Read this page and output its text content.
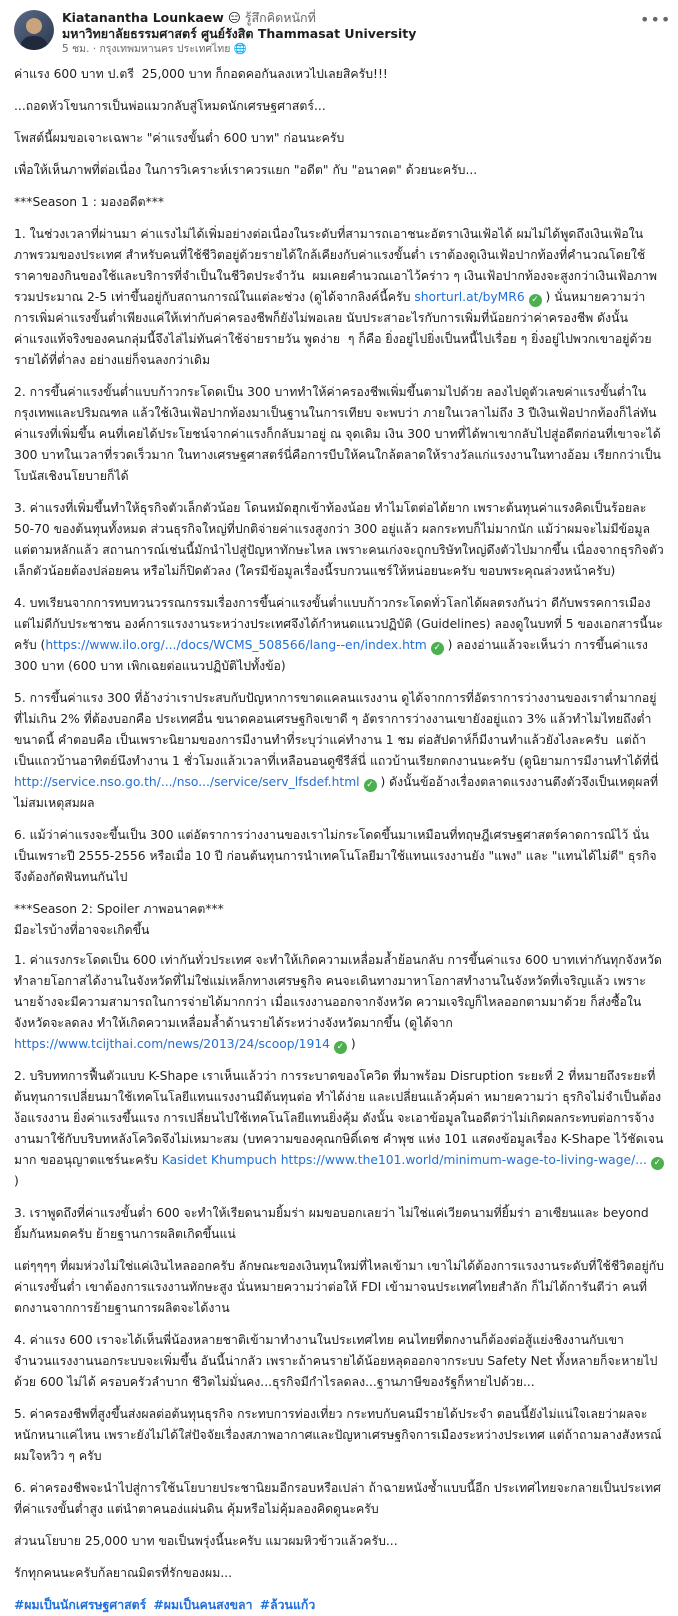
Kiatanantha Lounkaew 😑 รู้สึกคิดหนักที่
มหาวิทยาลัยธรรมศาสตร์ ศูนย์รังสิต Thammasat University
5 ชม. · กรุงเทพมหานคร ประเทศไทย 🌐
•••

ค่าแรง 600 บาท ป.ตรี  25,000 บาท ก็กอดคอกันลงเหวไปเลยสิครับ!!!

...ถอดหัวโขนการเป็นพ่อแมวกลับสู่โหมดนักเศรษฐศาสตร์...

โพสต์นี้ผมขอเจาะเฉพาะ "ค่าแรงขั้นต่ำ 600 บาท" ก่อนนะครับ

เพื่อให้เห็นภาพที่ต่อเนื่อง ในการวิเคราะห์เราควรแยก "อดีต" กับ "อนาคต" ด้วยนะครับ...

***Season 1 : มองอดีต***

1. ในช่วงเวลาที่ผ่านมา ค่าแรงไม่ได้เพิ่มอย่างต่อเนื่องในระดับที่สามารถเอาชนะอัตราเงินเฟ้อได้ ผมไม่ได้พูดถึงเงินเฟ้อในภาพรวมของประเทศ สำหรับคนที่ใช้ชีวิตอยู่ด้วยรายได้ใกล้เคียงกับค่าแรงขั้นต่ำ เราต้องดูเงินเฟ้อปากท้องที่คำนวณโดยใช้ราคาของกินของใช้และบริการที่จำเป็นในชีวิตประจำวัน  ผมเคยคำนวณเอาไว้คร่าว ๆ เงินเฟ้อปากท้องจะสูงกว่าเงินเฟ้อภาพรวมประมาณ 2-5 เท่าขึ้นอยู่กับสถานการณ์ในแต่ละช่วง (ดูได้จากลิงค์นี้ครับ shorturl.at/byMR6 ✓ ) นั่นหมายความว่า การเพิ่มค่าแรงขั้นต่ำเพียงแค่ให้เท่ากับค่าครองชีพก็ยังไม่พอเลย นับประสาอะไรกับการเพิ่มที่น้อยกว่าค่าครองชีพ ดังนั้น ค่าแรงแท้จริงของคนกลุ่มนี้จึงไล่ไม่ทันค่าใช้จ่ายรายวัน พูดง่าย  ๆ ก็คือ ยิ่งอยู่ไปยิ่งเป็นหนี้ไปเรื่อย ๆ ยิ่งอยู่ไปพวกเขาอยู่ด้วยรายได้ที่ต่ำลง อย่างแย่ก็จนลงกว่าเดิม

2. การขึ้นค่าแรงขั้นต่ำแบบก้าวกระโดดเป็น 300 บาททำให้ค่าครองชีพเพิ่มขึ้นตามไปด้วย ลองไปดูตัวเลขค่าแรงขั้นต่ำในกรุงเทพและปริมณฑล แล้วใช้เงินเฟ้อปากท้องมาเป็นฐานในการเทียบ จะพบว่า ภายในเวลาไม่ถึง 3 ปีเงินเฟ้อปากท้องก็ไล่ทันค่าแรงที่เพิ่มขึ้น คนที่เคยได้ประโยชน์จากค่าแรงก็กลับมาอยู่ ณ จุดเดิม เงิน 300 บาทที่ได้พาเขากลับไปสู่อดีตก่อนที่เขาจะได้ 300 บาทในเวลาที่รวดเร็วมาก ในทางเศรษฐศาสตร์นี่คือการบีบให้คนใกล้ตลาดให้รางวัลแก่แรงงานในทางอ้อม เรียกกว่าเป็นโบนัสเชิงนโยบายก็ได้

3. ค่าแรงที่เพิ่มขึ้นทำให้ธุรกิจตัวเล็กตัวน้อย โดนหมัดฮุกเข้าท้องน้อย ทำไมโตต่อได้ยาก เพราะต้นทุนค่าแรงคิดเป็นร้อยละ 50-70 ของต้นทุนทั้งหมด ส่วนธุรกิจใหญ่ที่ปกติจ่ายค่าแรงสูงกว่า 300 อยู่แล้ว ผลกระทบก็ไม่มากนัก แม้ว่าผมจะไม่มีข้อมูล แต่ตามหลักแล้ว สถานการณ์เช่นนี้มักนำไปสู่ปัญหาทักษะไหล เพราะคนเก่งจะถูกบริษัทใหญ่ดึงตัวไปมากขึ้น เนื่องจากธุรกิจตัวเล็กตัวน้อยต้องปล่อยคน หรือไม่ก็ปิดตัวลง (ใครมีข้อมูลเรื่องนี้รบกวนแชร์ให้หน่อยนะครับ ขอบพระคุณล่วงหน้าครับ)

4. บทเรียนจากการทบทวนวรรณกรรมเรื่องการขึ้นค่าแรงขั้นต่ำแบบก้าวกระโดดทั่วโลกได้ผลตรงกันว่า ดีกับพรรคการเมือง แต่ไม่ดีกับประชาชน องค์การแรงงานระหว่างประเทศจึงได้กำหนดแนวปฏิบัติ (Guidelines) ลองดูในบทที่ 5 ของเอกสารนี้นะครับ (https://www.ilo.org/.../docs/WCMS_508566/lang--en/index.htm ✓ ) ลองอ่านแล้วจะเห็นว่า การขึ้นค่าแรง 300 บาท (600 บาท เพิกเฉยต่อแนวปฏิบัติไปทั้งข้อ)

5. การขึ้นค่าแรง 300 ที่อ้างว่าเราประสบกับปัญหาการขาดแคลนแรงงาน ดูได้จากการที่อัตราการว่างงานของเราต่ำมากอยู่ที่ไม่เกิน 2% ที่ต้องบอกคือ ประเทศอื่น ขนาดคอนเศรษฐกิจเขาดี ๆ อัตราการว่างงานเขายังอยู่แถว 3% แล้วทำไมไทยถึงต่ำขนาดนี้ คำตอบคือ เป็นเพราะนิยามของการมีงานทำที่ระบุว่าแค่ทำงาน 1 ชม ต่อสัปดาห์ก็มีงานทำแล้วยังไงละครับ  แต่ถ้าเป็นแถวบ้านอาทิตย์นึงทำงาน 1 ชั่วโมงแล้วเวลาที่เหลือนอนดูซีรีส์นี่ แถวบ้านเรียกตกงานนะครับ (ดูนิยามการมีงานทำได้ที่นี่ http://service.nso.go.th/.../nso.../service/serv_lfsdef.html ✓ ) ดังนั้นข้ออ้างเรื่องตลาดแรงงานตึงตัวจึงเป็นเหตุผลที่ไม่สมเหตุสมผล

6. แม้ว่าค่าแรงจะขึ้นเป็น 300 แต่อัตราการว่างงานของเราไม่กระโดดขึ้นมาเหมือนที่ทฤษฎีเศรษฐศาสตร์คาดการณ์ไว้ นั่นเป็นเพราะปี 2555-2556 หรือเมื่อ 10 ปี ก่อนต้นทุนการนำเทคโนโลยีมาใช้แทนแรงงานยัง "แพง" และ "แทนได้ไม่ดี" ธุรกิจจึงต้องกัดฟันทนกันไป

***Season 2: Spoiler ภาพอนาคต***
มีอะไรบ้างที่อาจจะเกิดขึ้น

1. ค่าแรงกระโดดเป็น 600 เท่ากันทั่วประเทศ จะทำให้เกิดความเหลื่อมล้ำย้อนกลับ การขึ้นค่าแรง 600 บาทเท่ากันทุกจังหวัด ทำลายโอกาสได้งานในจังหวัดที่ไม่ใช่แม่เหล็กทางเศรษฐกิจ คนจะเดินทางมาหาโอกาสทำงานในจังหวัดที่เจริญแล้ว เพราะนายจ้างจะมีความสามารถในการจ่ายได้มากกว่า เมื่อแรงงานออกจากจังหวัด ความเจริญก็ไหลออกตามมาด้วย ก็ส่งซื้อในจังหวัดจะลดลง ทำให้เกิดความเหลื่อมล้ำด้านรายได้ระหว่างจังหวัดมากขึ้น (ดูได้จาก https://www.tcijthai.com/news/2013/24/scoop/1914 ✓ )

2. บริบททการฟื้นตัวแบบ K-Shape เราเห็นแล้วว่า การระบาดของโควิด ที่มาพร้อม Disruption ระยะที่ 2 ที่หมายถึงระยะที่ต้นทุนการเปลี่ยนมาใช้เทคโนโลยีแทนแรงงานมีต้นทุนต่อ ทำได้ง่าย และเปลี่ยนแล้วคุ้มค่า หมายความว่า ธุรกิจไม่จำเป็นต้องง้อแรงงาน ยิ่งค่าแรงขึ้นแรง การเปลี่ยนไปใช้เทคโนโลยีแทนยิ่งคุ้ม ดังนั้น จะเอาข้อมูลในอดีตว่าไม่เกิดผลกระทบต่อการจ้างงานมาใช้กับบริบทหลังโควิดจึงไม่เหมาะสม (บทความของคุณกษิดิ์เดช คำพุช แห่ง 101 แสดงข้อมูลเรื่อง K-Shape ไว้ชัดเจนมาก ขออนุญาตแชร์นะครับ Kasidet Khumpuch https://www.the101.world/minimum-wage-to-living-wage/... ✓ )

3. เราพูดถึงที่ค่าแรงขั้นต่ำ 600 จะทำให้เรียดนามยิ้มร่า ผมขอบอกเลยว่า ไม่ใช่แค่เวียดนามที่ยิ้มร่า อาเซียนและ beyond ยิ้มกันหมดครับ ย้ายฐานการผลิตเกิดขึ้นแน่

แต่ๆๆๆๆ ที่ผมห่วงไม่ใช่แค่เงินไหลออกครับ ลักษณะของเงินทุนใหม่ที่ไหลเข้ามา เขาไม่ได้ต้องการแรงงานระดับที่ใช้ชีวิตอยู่กับค่าแรงขั้นต่ำ เขาต้องการแรงงานทักษะสูง นั่นหมายความว่าต่อให้ FDI เข้ามาจนประเทศไทยสำลัก ก็ไม่ได้การันตีว่า คนที่ตกงานจากการย้ายฐานการผลิตจะได้งาน

4. ค่าแรง 600 เราจะได้เห็นพี่น้องหลายชาติเข้ามาทำงานในประเทศไทย คนไทยที่ตกงานก็ต้องต่อสู้แย่งชิงงานกับเขา จำนวนแรงงานนอกระบบจะเพิ่มขึ้น อันนี้น่ากลัว เพราะถ้าคนรายได้น้อยหลุดออกจากระบบ Safety Net ทั้งหลายก็จะหายไปด้วย 600 ไม่ได้ ครอบครัวลำบาก ชีวิตไม่มั่นคง...ธุรกิจมีกำไรลดลง...ฐานภาษีของรัฐก็หายไปด้วย...

5. ค่าครองชีพที่สูงขึ้นส่งผลต่อต้นทุนธุรกิจ กระทบการท่องเที่ยว กระทบกับคนมีรายได้ประจำ ตอนนี้ยังไม่แน่ใจเลยว่าผลจะหนักหนาแค่ไหน เพราะยังไม่ได้ใส่ปัจจัยเรื่องสภาพอากาศและปัญหาเศรษฐกิจการเมืองระหว่างประเทศ แต่ถ้าถามลางสังหรณ์ ผมใจหวิว ๆ ครับ

6. ค่าครองชีพจะนำไปสู่การใช้นโยบายประชานิยมอีกรอบหรือเปล่า ถ้าฉายหนังซ้ำแบบนี้อีก ประเทศไทยจะกลายเป็นประเทศที่ค่าแรงขั้นต่ำสูง แต่นำตาคนอง่แผ่นดิน คุ้มหรือไม่คุ้มลองคิดดูนะครับ

ส่วนนโยบาย 25,000 บาท ขอเป็นพรุ่งนี้นะครับ แมวผมหิวข้าวแล้วครับ...

รักทุกคนนะครับก้ลยาณมิตรที่รักของผม...

#ผมเป็นนักเศรษฐศาสตร์ #ผมเป็นคนสงขลา #ล้วนแก้ว
